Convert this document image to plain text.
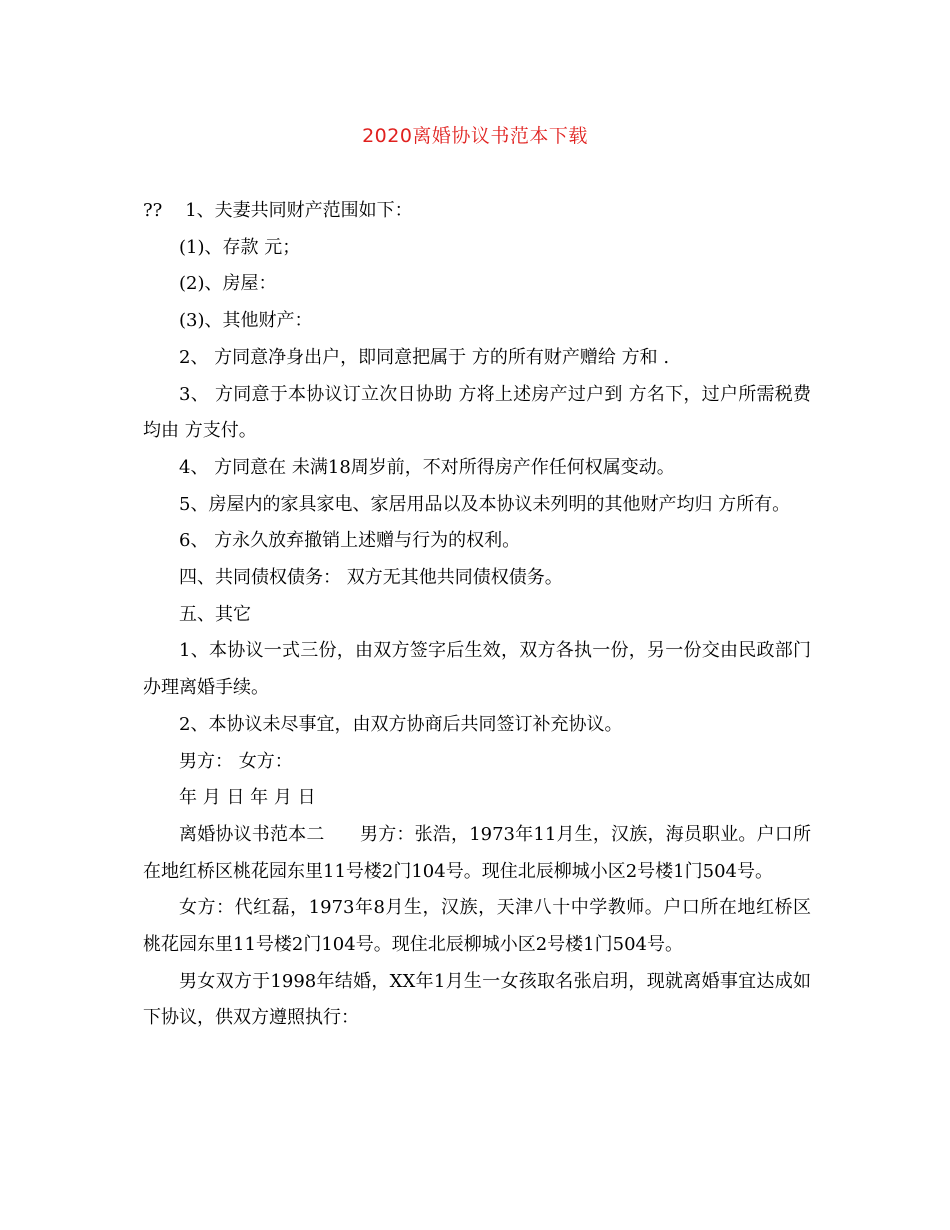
2020离婚协议书范本下载

??    1、夫妻共同财产范围如下：

(1)、存款 元；

(2)、房屋：

(3)、其他财产：

2、 方同意净身出户，即同意把属于 方的所有财产赠给 方和 .

3、 方同意于本协议订立次日协助 方将上述房产过户到 方名下，过户所需税费均由 方支付。

4、 方同意在 未满18周岁前，不对所得房产作任何权属变动。

5、房屋内的家具家电、家居用品以及本协议未列明的其他财产均归 方所有。

6、 方永久放弃撤销上述赠与行为的权利。

四、共同债权债务： 双方无其他共同债权债务。

五、其它

1、本协议一式三份，由双方签字后生效，双方各执一份，另一份交由民政部门办理离婚手续。

2、本协议未尽事宜，由双方协商后共同签订补充协议。

男方： 女方：

年 月 日 年 月 日

离婚协议书范本二      男方：张浩，1973年11月生，汉族，海员职业。户口所在地红桥区桃花园东里11号楼2门104号。现住北辰柳城小区2号楼1门504号。

女方：代红磊，1973年8月生，汉族，天津八十中学教师。户口所在地红桥区桃花园东里11号楼2门104号。现住北辰柳城小区2号楼1门504号。

男女双方于1998年结婚，XX年1月生一女孩取名张启玥，现就离婚事宜达成如下协议，供双方遵照执行：
